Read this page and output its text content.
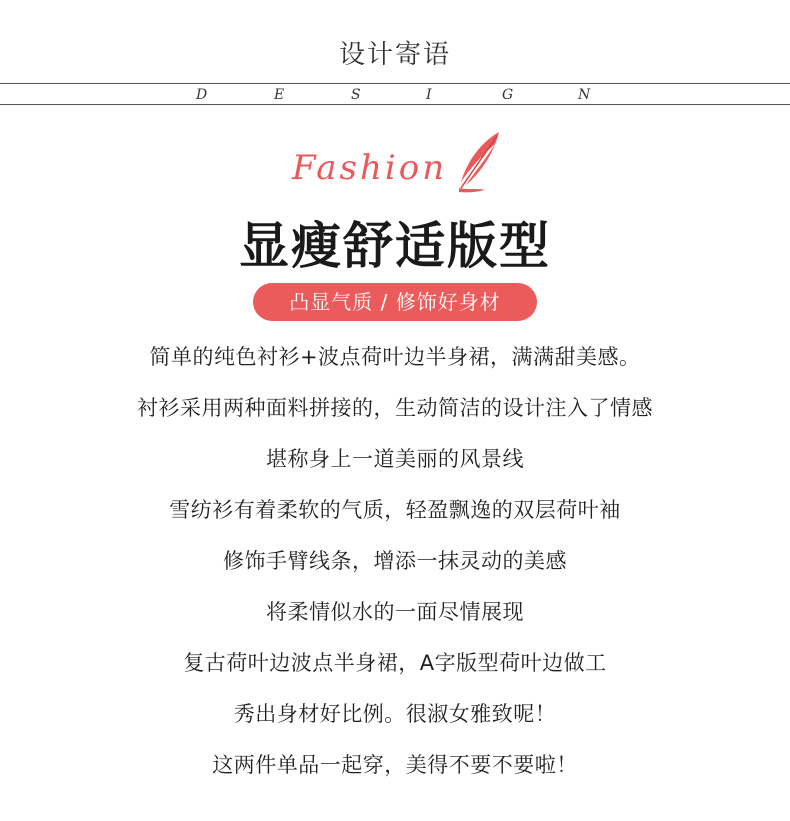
设计寄语
D	E	S	I	G	N
Fashion
显瘦舒适版型
凸显气质 / 修饰好身材

简单的纯色衬衫+波点荷叶边半身裙，满满甜美感。

衬衫采用两种面料拼接的，生动简洁的设计注入了情感

堪称身上一道美丽的风景线

雪纺衫有着柔软的气质，轻盈飘逸的双层荷叶袖

修饰手臂线条，增添一抹灵动的美感

将柔情似水的一面尽情展现

复古荷叶边波点半身裙，A字版型荷叶边做工

秀出身材好比例。很淑女雅致呢！

这两件单品一起穿，美得不要不要啦！
